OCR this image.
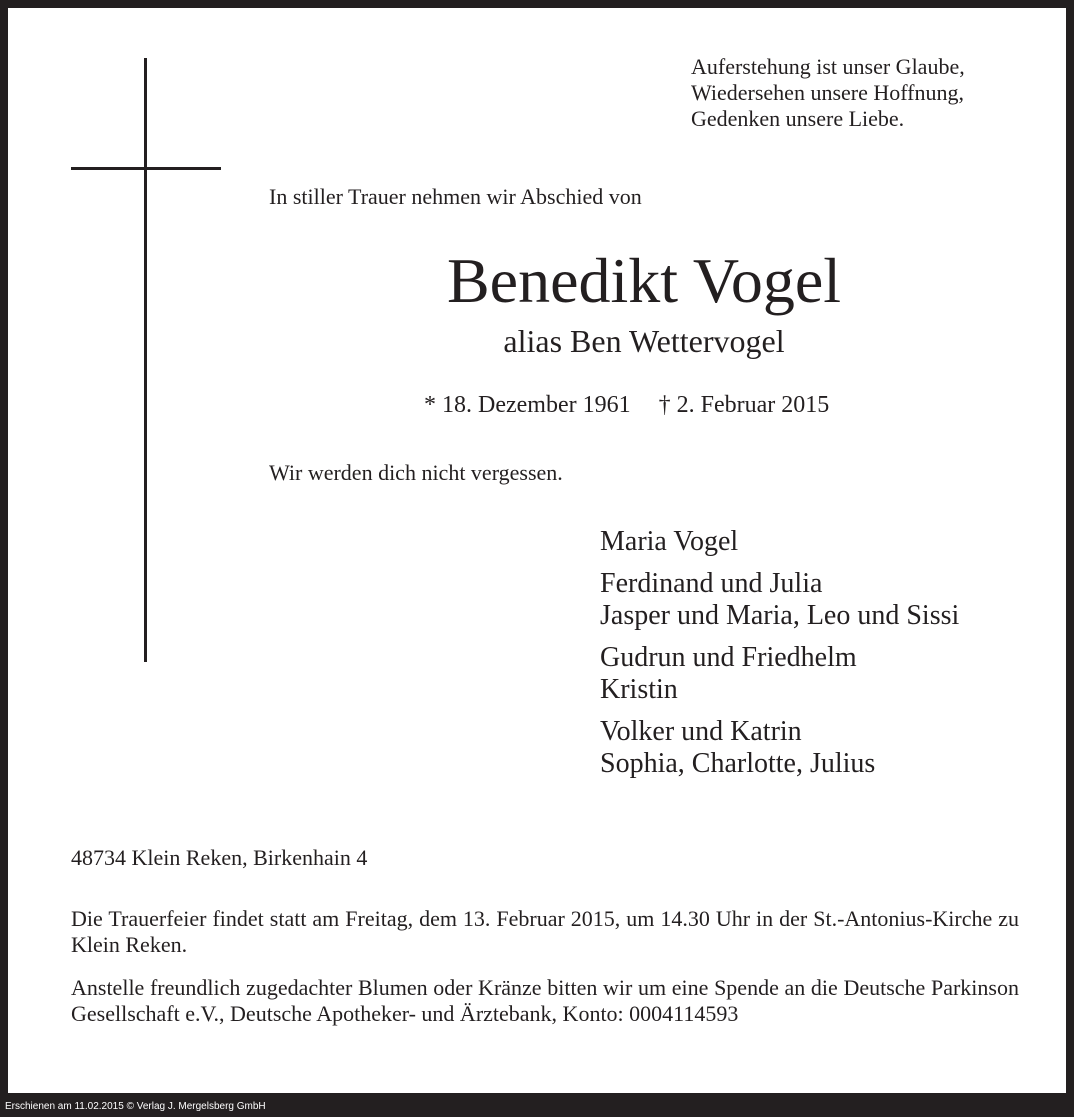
Auferstehung ist unser Glaube,
Wiedersehen unsere Hoffnung,
Gedenken unsere Liebe.
In stiller Trauer nehmen wir Abschied von
Benedikt Vogel
alias Ben Wettervogel
* 18. Dezember 1961 † 2. Februar 2015
Wir werden dich nicht vergessen.
Maria Vogel
Ferdinand und Julia
Jasper und Maria, Leo und Sissi
Gudrun und Friedhelm
Kristin
Volker und Katrin
Sophia, Charlotte, Julius
48734 Klein Reken, Birkenhain 4
Die Trauerfeier findet statt am Freitag, dem 13. Februar 2015, um 14.30 Uhr in der St.-Antonius-Kirche zu Klein Reken.
Anstelle freundlich zugedachter Blumen oder Kränze bitten wir um eine Spende an die Deutsche Parkinson Gesellschaft e.V., Deutsche Apotheker- und Ärztebank, Konto: 0004114593
Erschienen am 11.02.2015 © Verlag J. Mergelsberg GmbH
